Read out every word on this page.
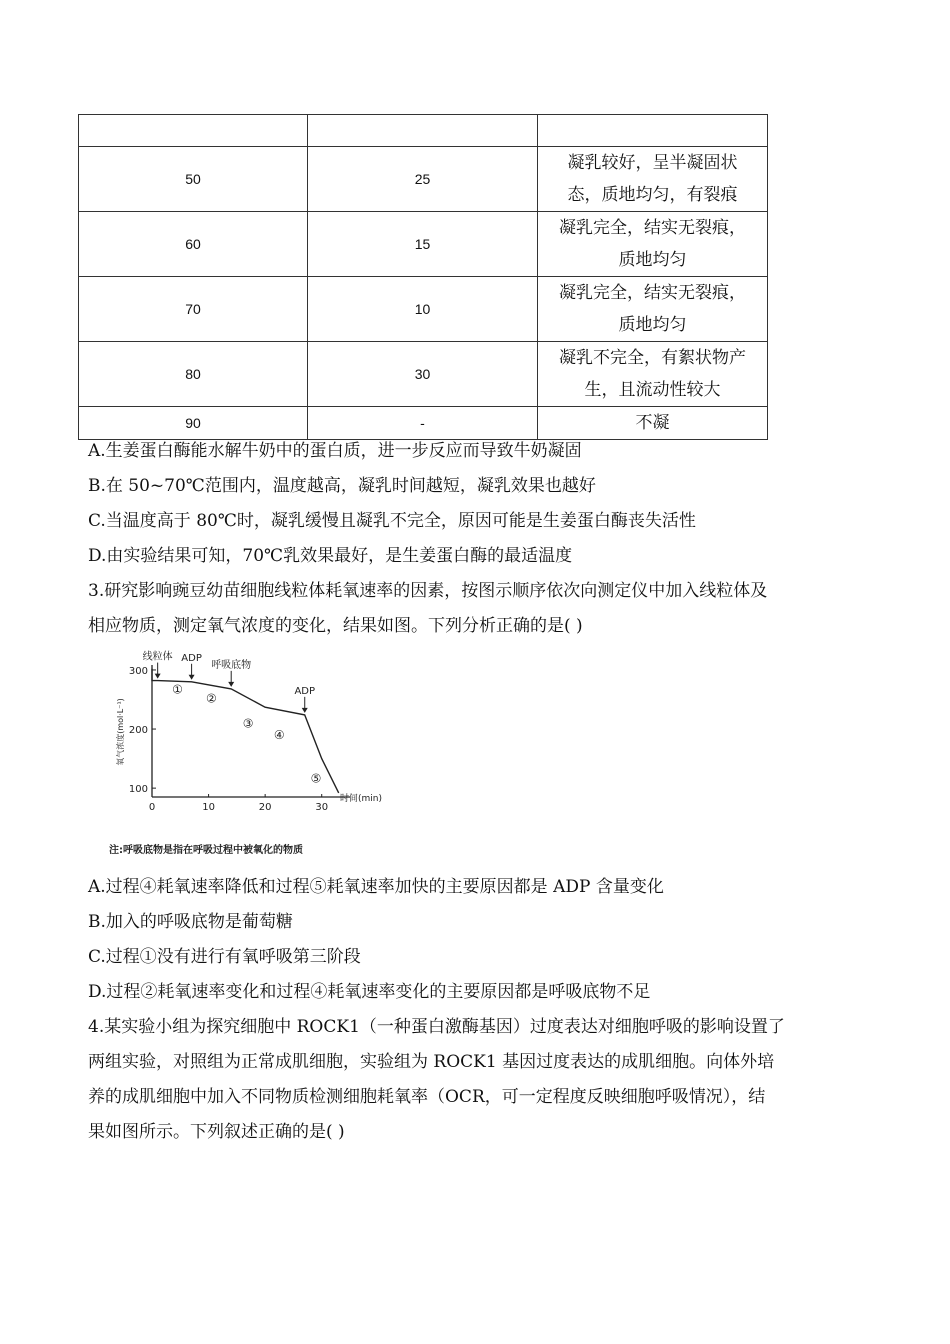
50	25	凝乳较好，呈半凝固状
态，质地均匀，有裂痕

60	15	凝乳完全，结实无裂痕，
质地均匀

70	10	凝乳完全，结实无裂痕，
质地均匀

80	30	凝乳不完全，有絮状物产
生，且流动性较大

90	-	不凝
A.生姜蛋白酶能水解牛奶中的蛋白质，进一步反应而导致牛奶凝固
B.在 50~70℃范围内，温度越高，凝乳时间越短，凝乳效果也越好
C.当温度高于 80℃时，凝乳缓慢且凝乳不完全，原因可能是生姜蛋白酶丧失活性
D.由实验结果可知，70℃乳效果最好，是生姜蛋白酶的最适温度
3.研究影响豌豆幼苗细胞线粒体耗氧速率的因素，按图示顺序依次向测定仪中加入线粒体及
相应物质，测定氧气浓度的变化，结果如图。下列分析正确的是( )
0	10	20	30
100
200
300
时间(min)
氧气浓度(mol·L⁻¹)
线粒体 ADP
呼吸底物
ADP
①
②
③
④
⑤
注:呼吸底物是指在呼吸过程中被氧化的物质
A.过程④耗氧速率降低和过程⑤耗氧速率加快的主要原因都是 ADP 含量变化
B.加入的呼吸底物是葡萄糖
C.过程①没有进行有氧呼吸第三阶段
D.过程②耗氧速率变化和过程④耗氧速率变化的主要原因都是呼吸底物不足
4.某实验小组为探究细胞中 ROCK1（一种蛋白激酶基因）过度表达对细胞呼吸的影响设置了
两组实验，对照组为正常成肌细胞，实验组为 ROCK1 基因过度表达的成肌细胞。向体外培
养的成肌细胞中加入不同物质检测细胞耗氧率（OCR，可一定程度反映细胞呼吸情况），结
果如图所示。下列叙述正确的是( )
